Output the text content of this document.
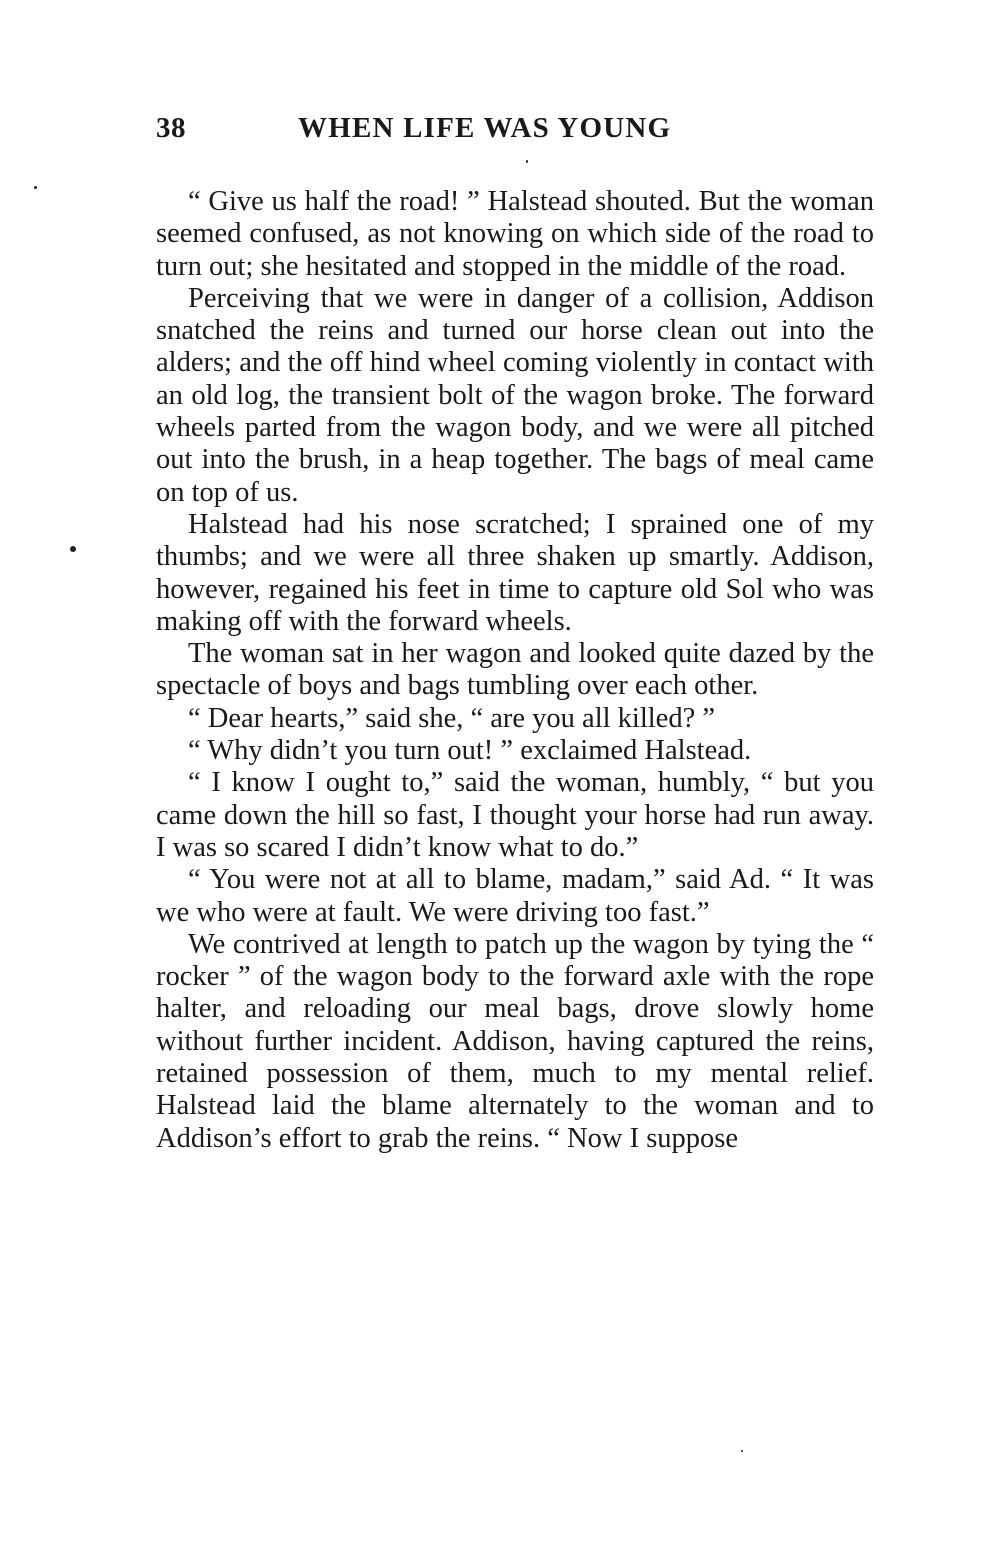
38	WHEN LIFE WAS YOUNG

“ Give us half the road! ” Halstead shouted. But the woman seemed confused, as not knowing on which side of the road to turn out; she hesitated and stopped in the middle of the road.

Perceiving that we were in danger of a collision, Addison snatched the reins and turned our horse clean out into the alders; and the off hind wheel coming violently in contact with an old log, the transient bolt of the wagon broke. The forward wheels parted from the wagon body, and we were all pitched out into the brush, in a heap together. The bags of meal came on top of us.

Halstead had his nose scratched; I sprained one of my thumbs; and we were all three shaken up smartly. Addison, however, regained his feet in time to capture old Sol who was making off with the forward wheels.

The woman sat in her wagon and looked quite dazed by the spectacle of boys and bags tumbling over each other.

“ Dear hearts,” said she, “ are you all killed? ”

“ Why didn’t you turn out! ” exclaimed Halstead.

“ I know I ought to,” said the woman, humbly, “ but you came down the hill so fast, I thought your horse had run away. I was so scared I didn’t know what to do.”

“ You were not at all to blame, madam,” said Ad. “ It was we who were at fault. We were driving too fast.”

We contrived at length to patch up the wagon by tying the “ rocker ” of the wagon body to the forward axle with the rope halter, and reloading our meal bags, drove slowly home without further incident. Addison, having captured the reins, retained possession of them, much to my mental relief. Halstead laid the blame alternately to the woman and to Addison’s effort to grab the reins. “ Now I suppose
